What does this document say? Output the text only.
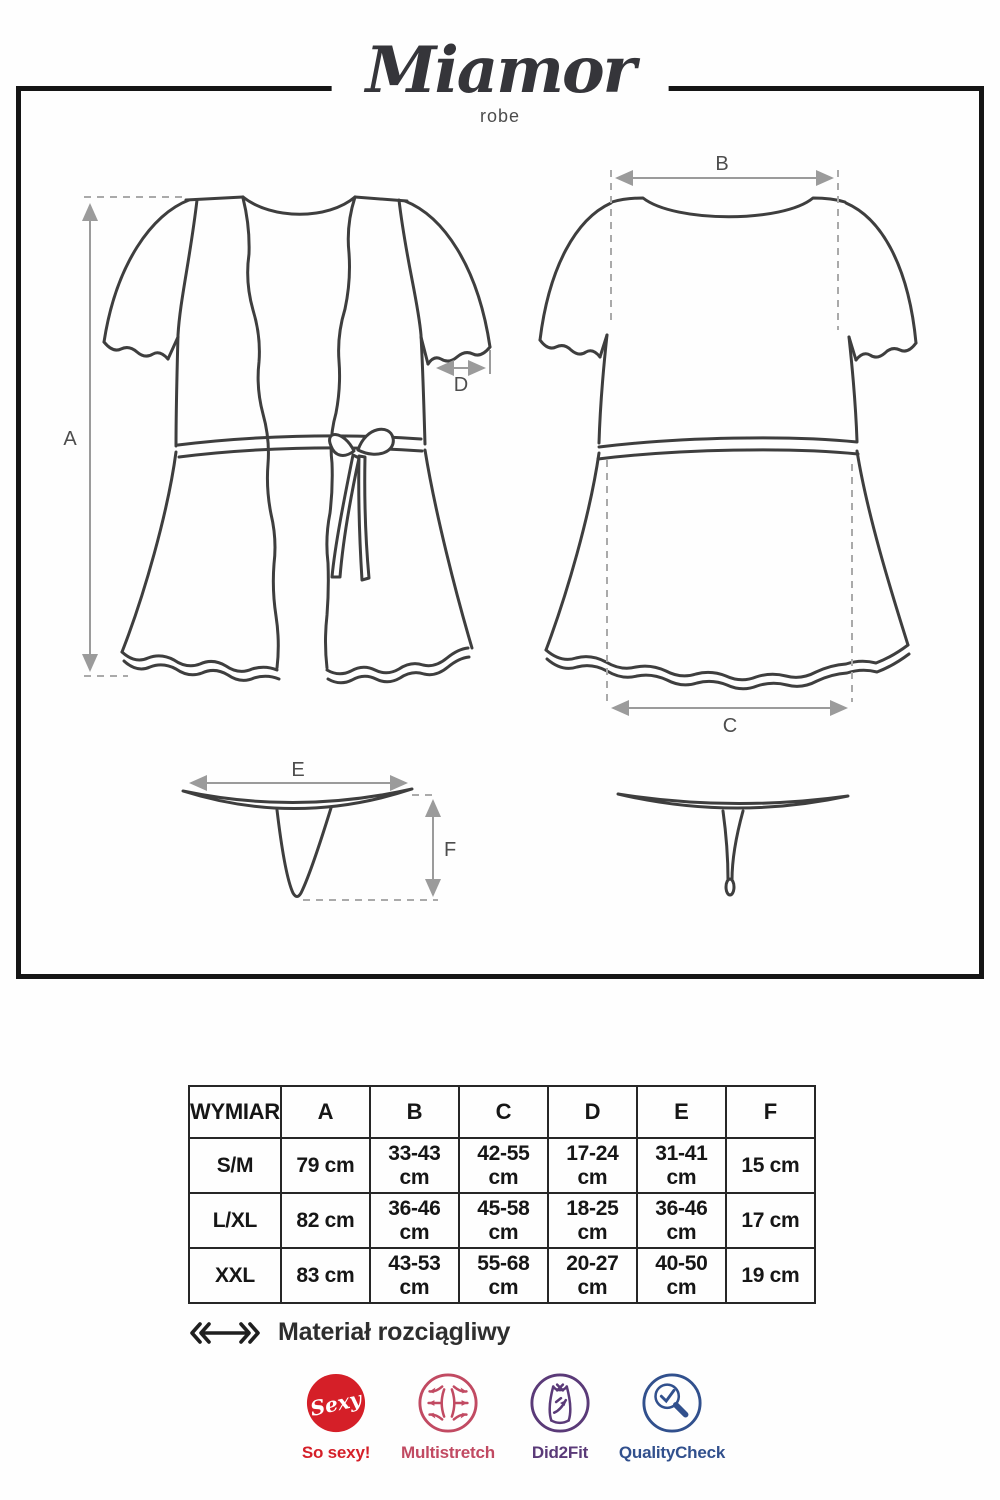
Miamor
robe
A
B
C
D
E
F
WYMIAR	A	B	C	D	E	F
S/M	79 cm	33-43 cm	42-55 cm	17-24 cm	31-41 cm	15 cm
L/XL	82 cm	36-46 cm	45-58 cm	18-25 cm	36-46 cm	17 cm
XXL	83 cm	43-53 cm	55-68 cm	20-27 cm	40-50 cm	19 cm
Materiał rozciągliwy
Sexy
So sexy! Multistretch Did2Fit QualityCheck
